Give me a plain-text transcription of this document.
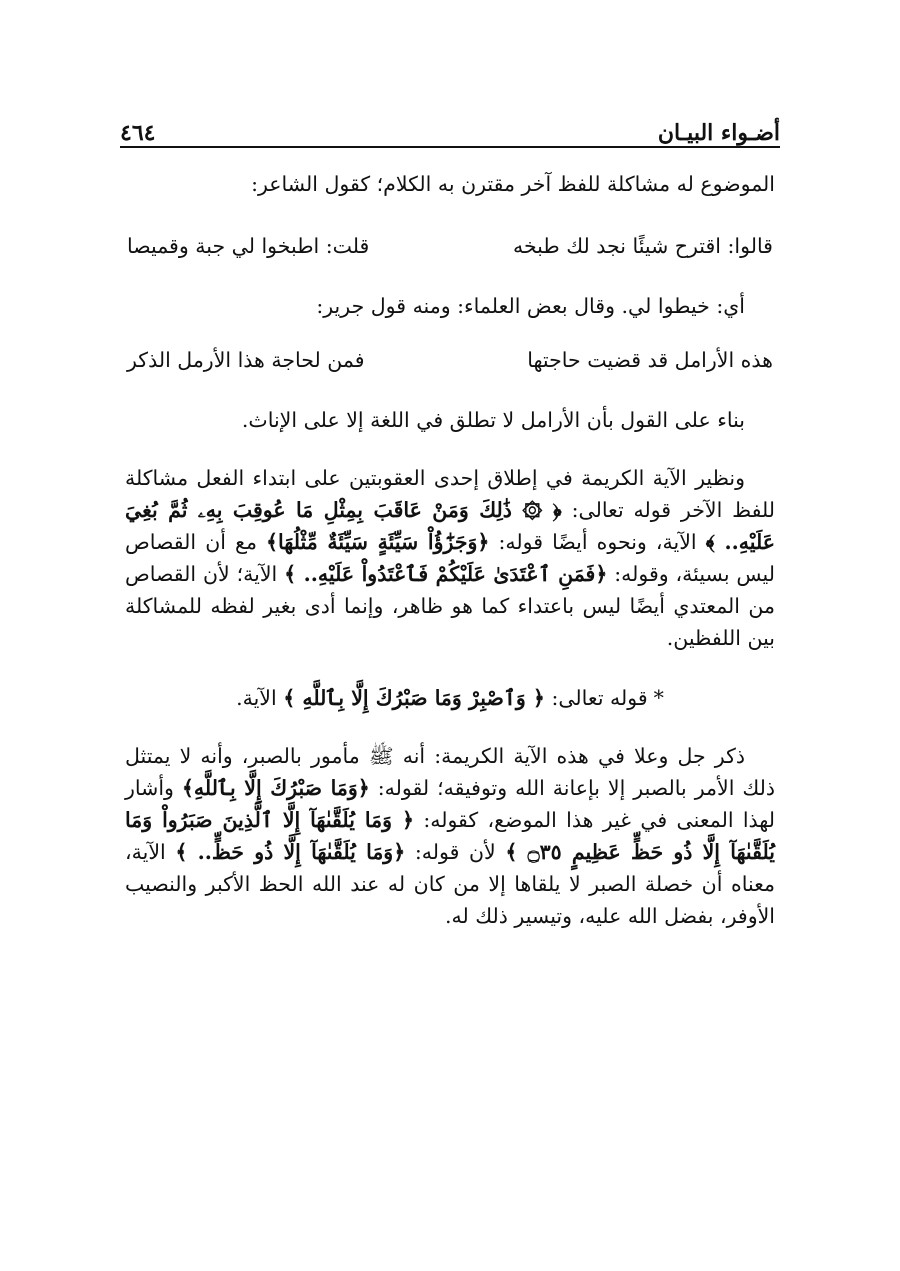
أضـواء البيـان
٤٦٤

الموضوع له مشاكلة للفظ آخر مقترن به الكلام؛ كقول الشاعر:

قالوا: اقترح شيئًا نجد لك طبخه
قلت: اطبخوا لي جبة وقميصا

أي: خيطوا لي. وقال بعض العلماء: ومنه قول جرير:

هذه الأرامل قد قضيت حاجتها
فمن لحاجة هذا الأرمل الذكر

بناء على القول بأن الأرامل لا تطلق في اللغة إلا على الإناث.

ونظير الآية الكريمة في إطلاق إحدى العقوبتين على ابتداء الفعل مشاكلة للفظ الآخر قوله تعالى: ﴿ ۞ ذَٰلِكَ وَمَنْ عَاقَبَ بِمِثْلِ مَا عُوقِبَ بِهِۦ ثُمَّ بُغِيَ عَلَيْهِ.. ﴾ الآية، ونحوه أيضًا قوله: ﴿وَجَزَٰٓؤُاْ سَيِّئَةٍ سَيِّئَةٌ مِّثْلُهَا﴾ مع أن القصاص ليس بسيئة، وقوله: ﴿فَمَنِ ٱعْتَدَىٰ عَلَيْكُمْ فَٱعْتَدُواْ عَلَيْهِ.. ﴾ الآية؛ لأن القصاص من المعتدي أيضًا ليس باعتداء كما هو ظاهر، وإنما أدى بغير لفظه للمشاكلة بين اللفظين.

*قوله تعالى: ﴿ وَٱصْبِرْ وَمَا صَبْرُكَ إِلَّا بِٱللَّهِ ﴾ الآية.

ذكر جل وعلا في هذه الآية الكريمة: أنه ﷺ مأمور بالصبر، وأنه لا يمتثل ذلك الأمر بالصبر إلا بإعانة الله وتوفيقه؛ لقوله: ﴿وَمَا صَبْرُكَ إِلَّا بِٱللَّهِ﴾ وأشار لهذا المعنى في غير هذا الموضع، كقوله: ﴿ وَمَا يُلَقَّىٰهَآ إِلَّا ٱلَّذِينَ صَبَرُواْ وَمَا يُلَقَّىٰهَآ إِلَّا ذُو حَظٍّ عَظِيمٍ ۝٣٥ ﴾ لأن قوله: ﴿وَمَا يُلَقَّىٰهَآ إِلَّا ذُو حَظٍّ.. ﴾ الآية، معناه أن خصلة الصبر لا يلقاها إلا من كان له عند الله الحظ الأكبر والنصيب الأوفر، بفضل الله عليه، وتيسير ذلك له.
